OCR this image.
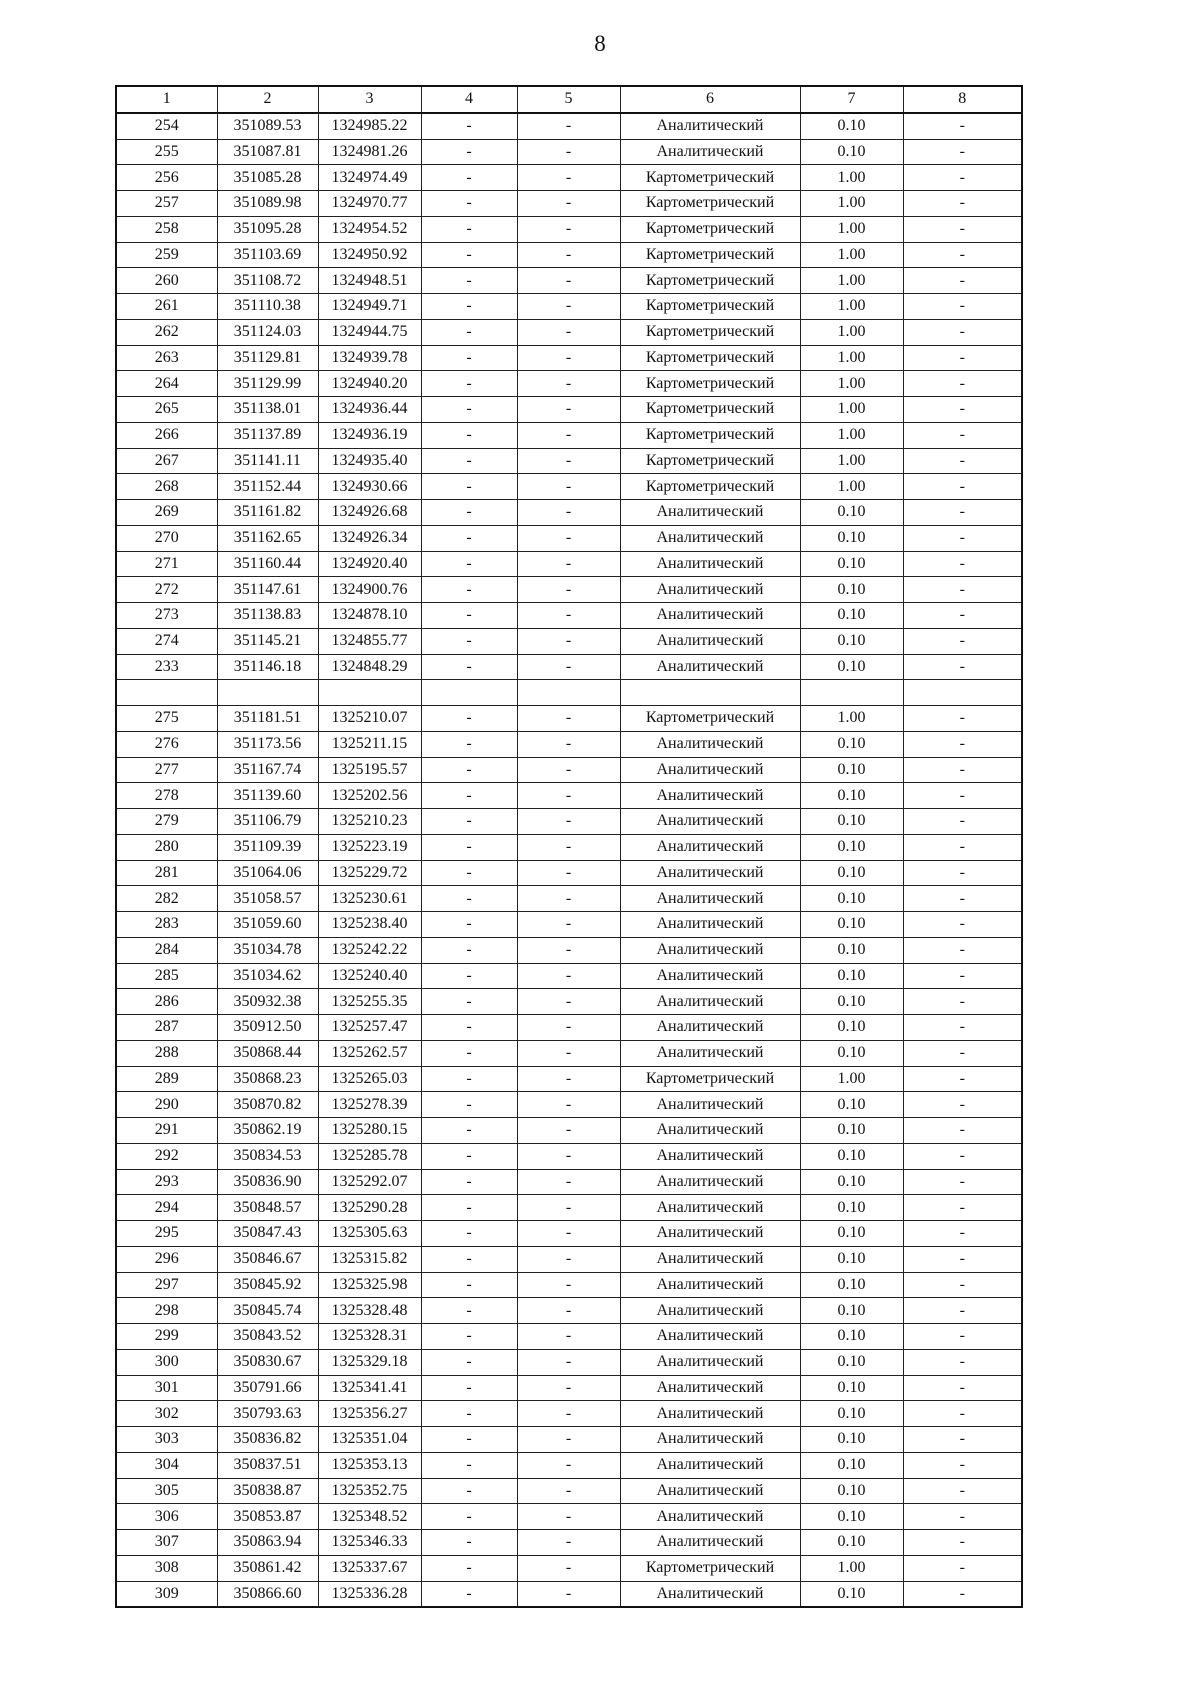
8
1	2	3	4	5	6	7	8
254	351089.53	1324985.22	-	-	Аналитический	0.10	-
255	351087.81	1324981.26	-	-	Аналитический	0.10	-
256	351085.28	1324974.49	-	-	Картометрический	1.00	-
257	351089.98	1324970.77	-	-	Картометрический	1.00	-
258	351095.28	1324954.52	-	-	Картометрический	1.00	-
259	351103.69	1324950.92	-	-	Картометрический	1.00	-
260	351108.72	1324948.51	-	-	Картометрический	1.00	-
261	351110.38	1324949.71	-	-	Картометрический	1.00	-
262	351124.03	1324944.75	-	-	Картометрический	1.00	-
263	351129.81	1324939.78	-	-	Картометрический	1.00	-
264	351129.99	1324940.20	-	-	Картометрический	1.00	-
265	351138.01	1324936.44	-	-	Картометрический	1.00	-
266	351137.89	1324936.19	-	-	Картометрический	1.00	-
267	351141.11	1324935.40	-	-	Картометрический	1.00	-
268	351152.44	1324930.66	-	-	Картометрический	1.00	-
269	351161.82	1324926.68	-	-	Аналитический	0.10	-
270	351162.65	1324926.34	-	-	Аналитический	0.10	-
271	351160.44	1324920.40	-	-	Аналитический	0.10	-
272	351147.61	1324900.76	-	-	Аналитический	0.10	-
273	351138.83	1324878.10	-	-	Аналитический	0.10	-
274	351145.21	1324855.77	-	-	Аналитический	0.10	-
233	351146.18	1324848.29	-	-	Аналитический	0.10	-

275	351181.51	1325210.07	-	-	Картометрический	1.00	-
276	351173.56	1325211.15	-	-	Аналитический	0.10	-
277	351167.74	1325195.57	-	-	Аналитический	0.10	-
278	351139.60	1325202.56	-	-	Аналитический	0.10	-
279	351106.79	1325210.23	-	-	Аналитический	0.10	-
280	351109.39	1325223.19	-	-	Аналитический	0.10	-
281	351064.06	1325229.72	-	-	Аналитический	0.10	-
282	351058.57	1325230.61	-	-	Аналитический	0.10	-
283	351059.60	1325238.40	-	-	Аналитический	0.10	-
284	351034.78	1325242.22	-	-	Аналитический	0.10	-
285	351034.62	1325240.40	-	-	Аналитический	0.10	-
286	350932.38	1325255.35	-	-	Аналитический	0.10	-
287	350912.50	1325257.47	-	-	Аналитический	0.10	-
288	350868.44	1325262.57	-	-	Аналитический	0.10	-
289	350868.23	1325265.03	-	-	Картометрический	1.00	-
290	350870.82	1325278.39	-	-	Аналитический	0.10	-
291	350862.19	1325280.15	-	-	Аналитический	0.10	-
292	350834.53	1325285.78	-	-	Аналитический	0.10	-
293	350836.90	1325292.07	-	-	Аналитический	0.10	-
294	350848.57	1325290.28	-	-	Аналитический	0.10	-
295	350847.43	1325305.63	-	-	Аналитический	0.10	-
296	350846.67	1325315.82	-	-	Аналитический	0.10	-
297	350845.92	1325325.98	-	-	Аналитический	0.10	-
298	350845.74	1325328.48	-	-	Аналитический	0.10	-
299	350843.52	1325328.31	-	-	Аналитический	0.10	-
300	350830.67	1325329.18	-	-	Аналитический	0.10	-
301	350791.66	1325341.41	-	-	Аналитический	0.10	-
302	350793.63	1325356.27	-	-	Аналитический	0.10	-
303	350836.82	1325351.04	-	-	Аналитический	0.10	-
304	350837.51	1325353.13	-	-	Аналитический	0.10	-
305	350838.87	1325352.75	-	-	Аналитический	0.10	-
306	350853.87	1325348.52	-	-	Аналитический	0.10	-
307	350863.94	1325346.33	-	-	Аналитический	0.10	-
308	350861.42	1325337.67	-	-	Картометрический	1.00	-
309	350866.60	1325336.28	-	-	Аналитический	0.10	-
